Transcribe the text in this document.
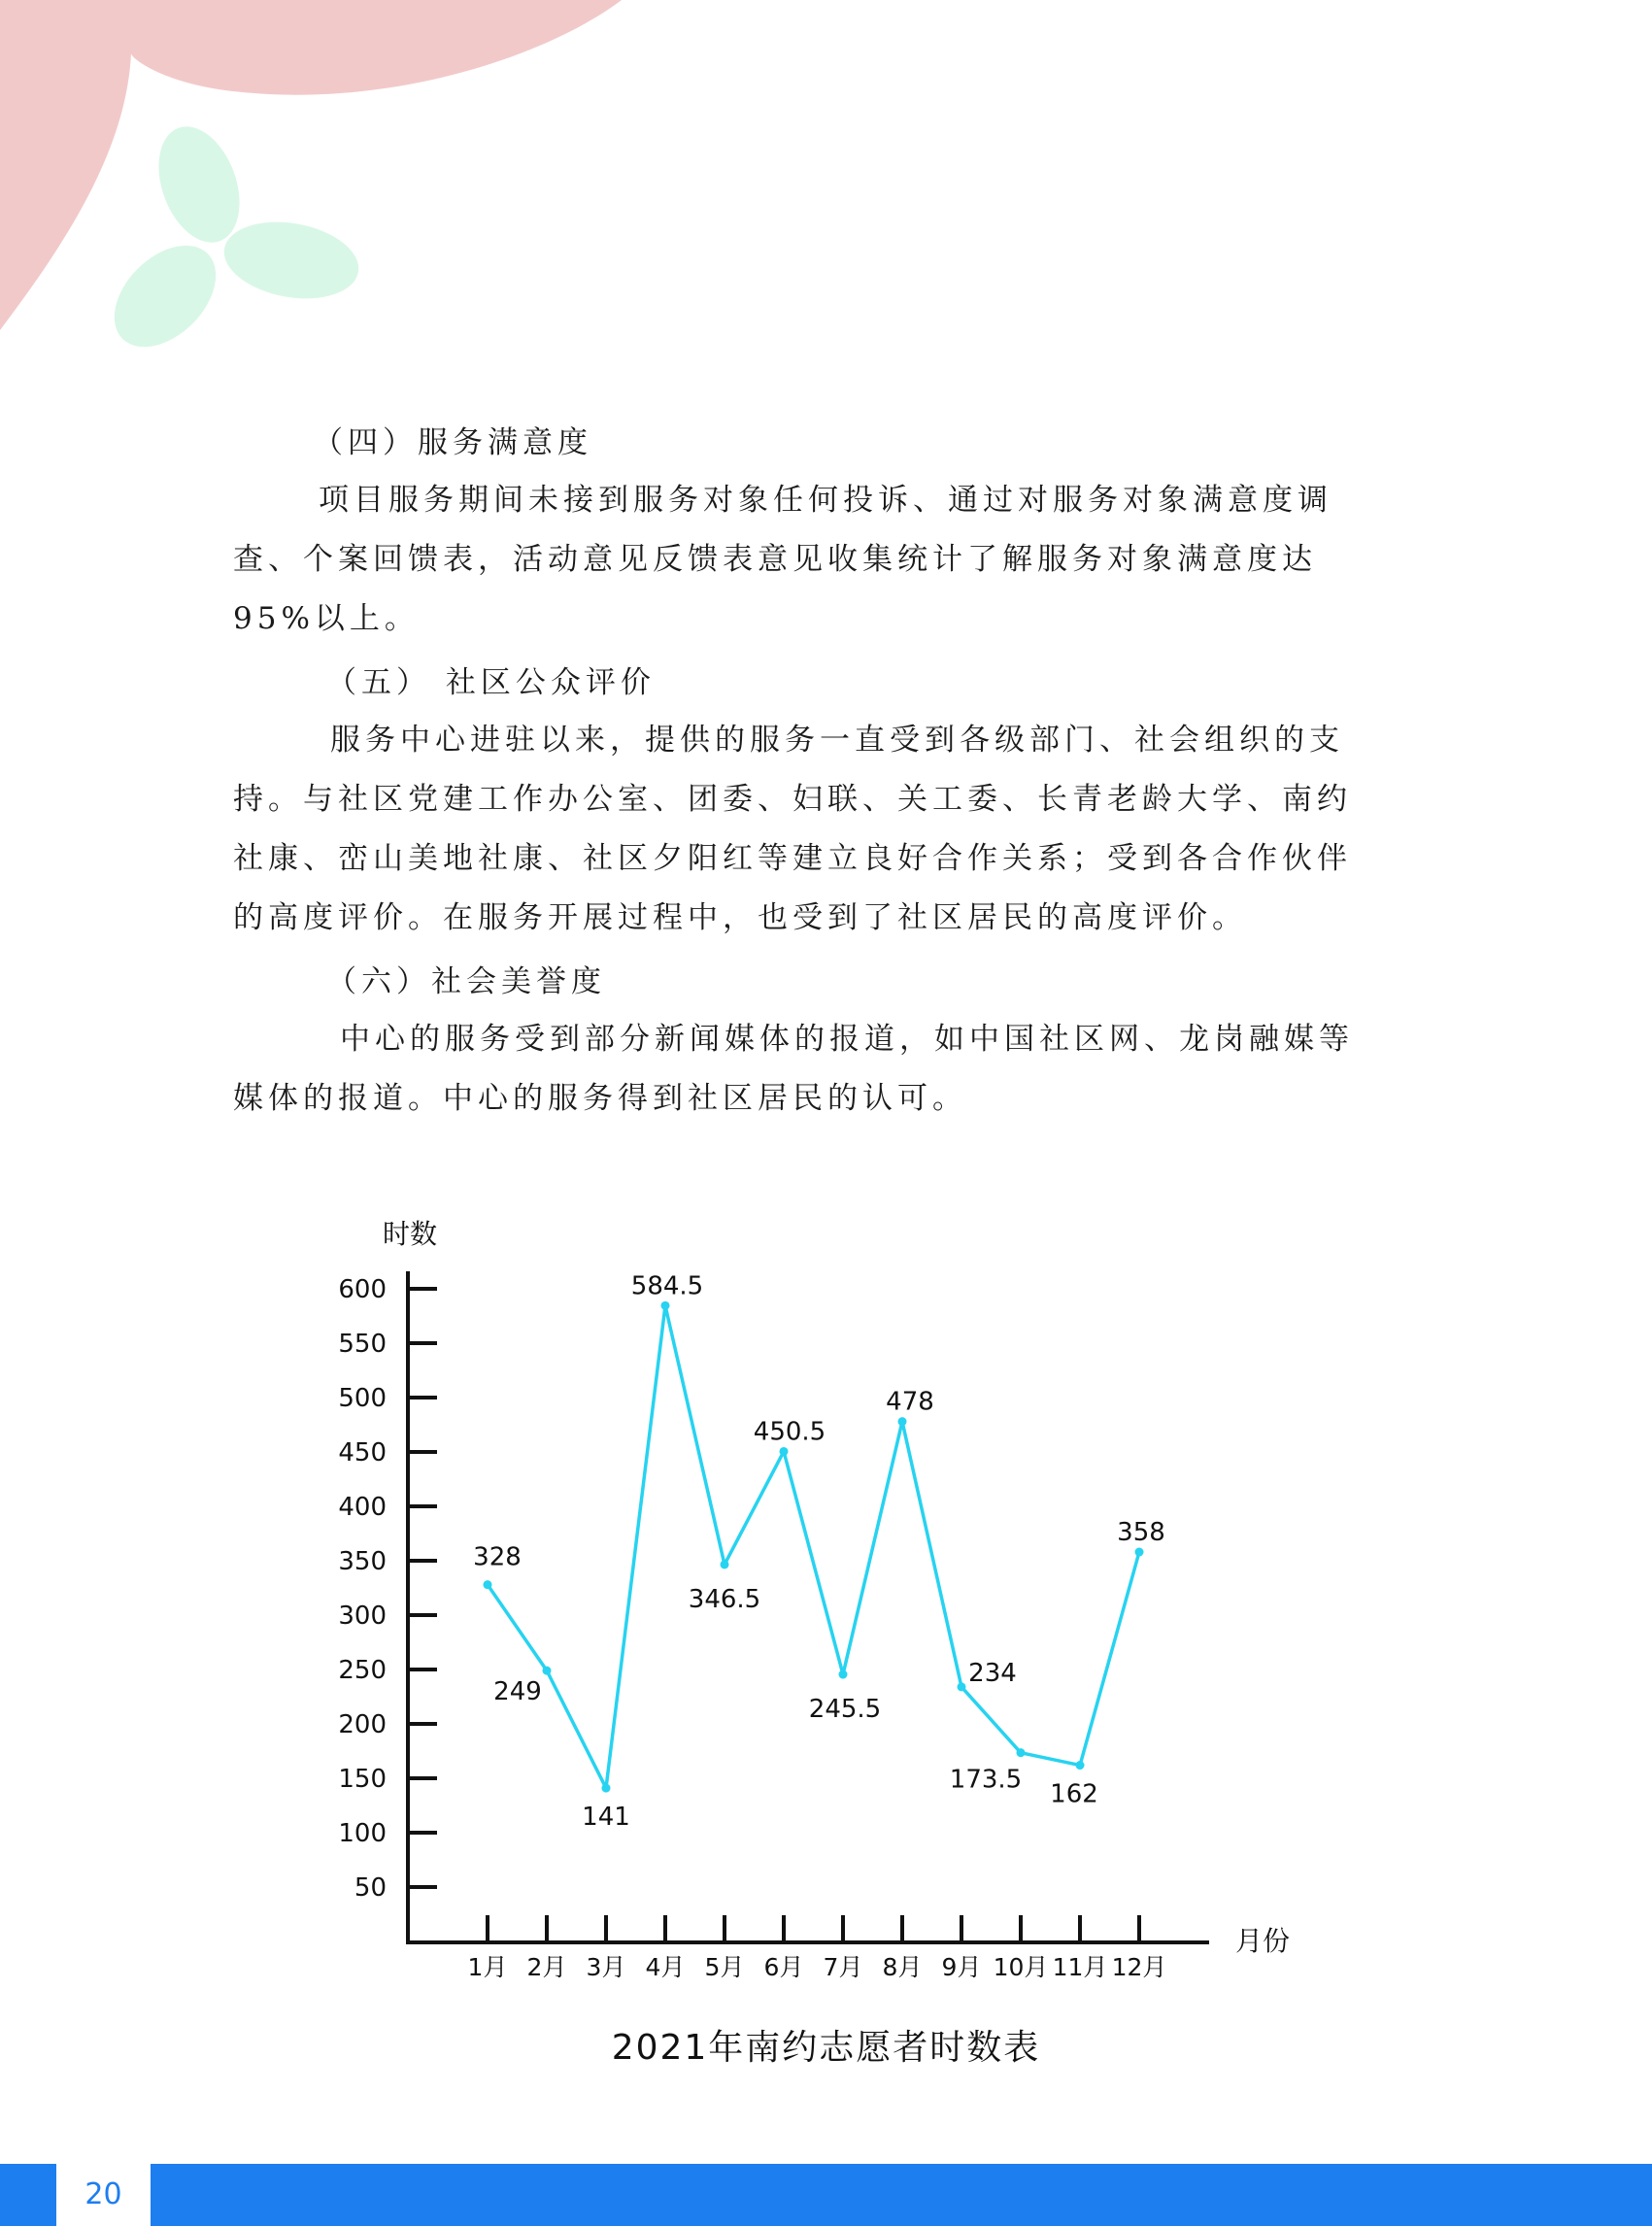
（四）服务满意度
项目服务期间未接到服务对象任何投诉、通过对服务对象满意度调
查、个案回馈表，活动意见反馈表意见收集统计了解服务对象满意度达
95%以上。
（五） 社区公众评价
服务中心进驻以来，提供的服务一直受到各级部门、社会组织的支
持。与社区党建工作办公室、团委、妇联、关工委、长青老龄大学、南约
社康、峦山美地社康、社区夕阳红等建立良好合作关系；受到各合作伙伴
的高度评价。在服务开展过程中，也受到了社区居民的高度评价。
（六）社会美誉度
中心的服务受到部分新闻媒体的报道，如中国社区网、龙岗融媒等
媒体的报道。中心的服务得到社区居民的认可。
时数
月份
50
100
150
200
250
300
350
400
450
500
550
600
1月 2月 3月 4月 5月 6月 7月 8月 9月 10月 11月 12月
328
249
141
584.5
346.5
450.5
245.5
478
234
173.5 162
358
2021年南约志愿者时数表
20
